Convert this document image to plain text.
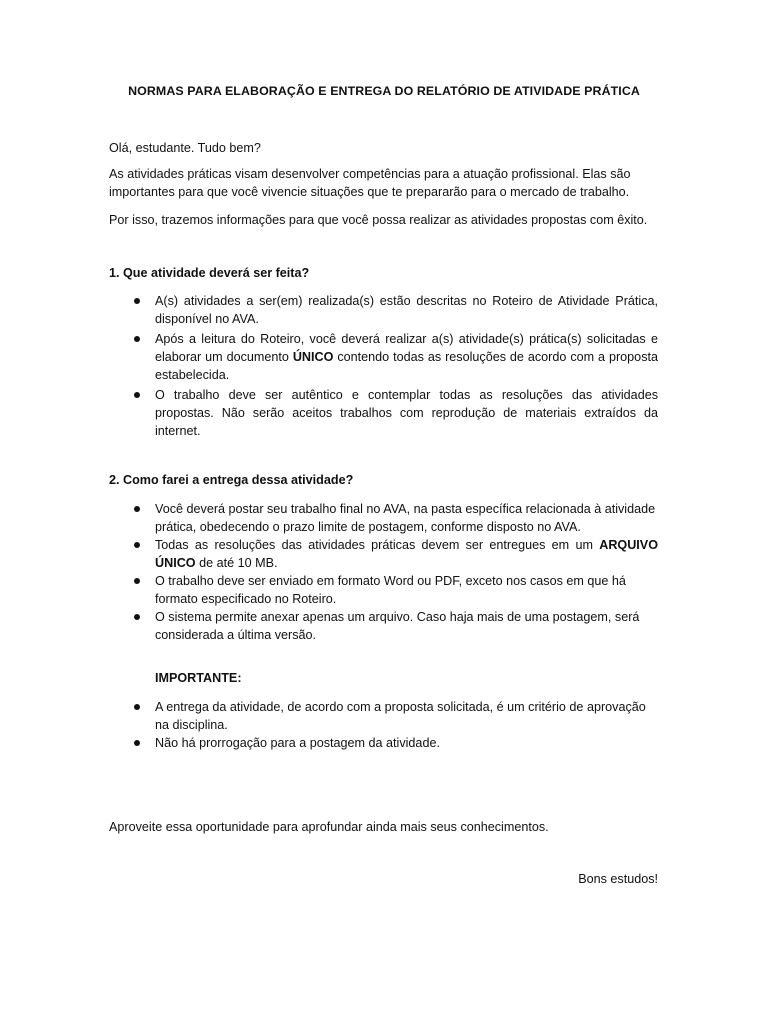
NORMAS PARA ELABORAÇÃO E ENTREGA DO RELATÓRIO DE ATIVIDADE PRÁTICA
Olá, estudante. Tudo bem?
As atividades práticas visam desenvolver competências para a atuação profissional. Elas são importantes para que você vivencie situações que te prepararão para o mercado de trabalho.
Por isso, trazemos informações para que você possa realizar as atividades propostas com êxito.
1. Que atividade deverá ser feita?
A(s) atividades a ser(em) realizada(s) estão descritas no Roteiro de Atividade Prática, disponível no AVA.
Após a leitura do Roteiro, você deverá realizar a(s) atividade(s) prática(s) solicitadas e elaborar um documento ÚNICO contendo todas as resoluções de acordo com a proposta estabelecida.
O trabalho deve ser autêntico e contemplar todas as resoluções das atividades propostas. Não serão aceitos trabalhos com reprodução de materiais extraídos da internet.
2. Como farei a entrega dessa atividade?
Você deverá postar seu trabalho final no AVA, na pasta específica relacionada à atividade prática, obedecendo o prazo limite de postagem, conforme disposto no AVA.
Todas as resoluções das atividades práticas devem ser entregues em um ARQUIVO ÚNICO de até 10 MB.
O trabalho deve ser enviado em formato Word ou PDF, exceto nos casos em que há formato especificado no Roteiro.
O sistema permite anexar apenas um arquivo. Caso haja mais de uma postagem, será considerada a última versão.
IMPORTANTE:
A entrega da atividade, de acordo com a proposta solicitada, é um critério de aprovação na disciplina.
Não há prorrogação para a postagem da atividade.
Aproveite essa oportunidade para aprofundar ainda mais seus conhecimentos.
Bons estudos!
